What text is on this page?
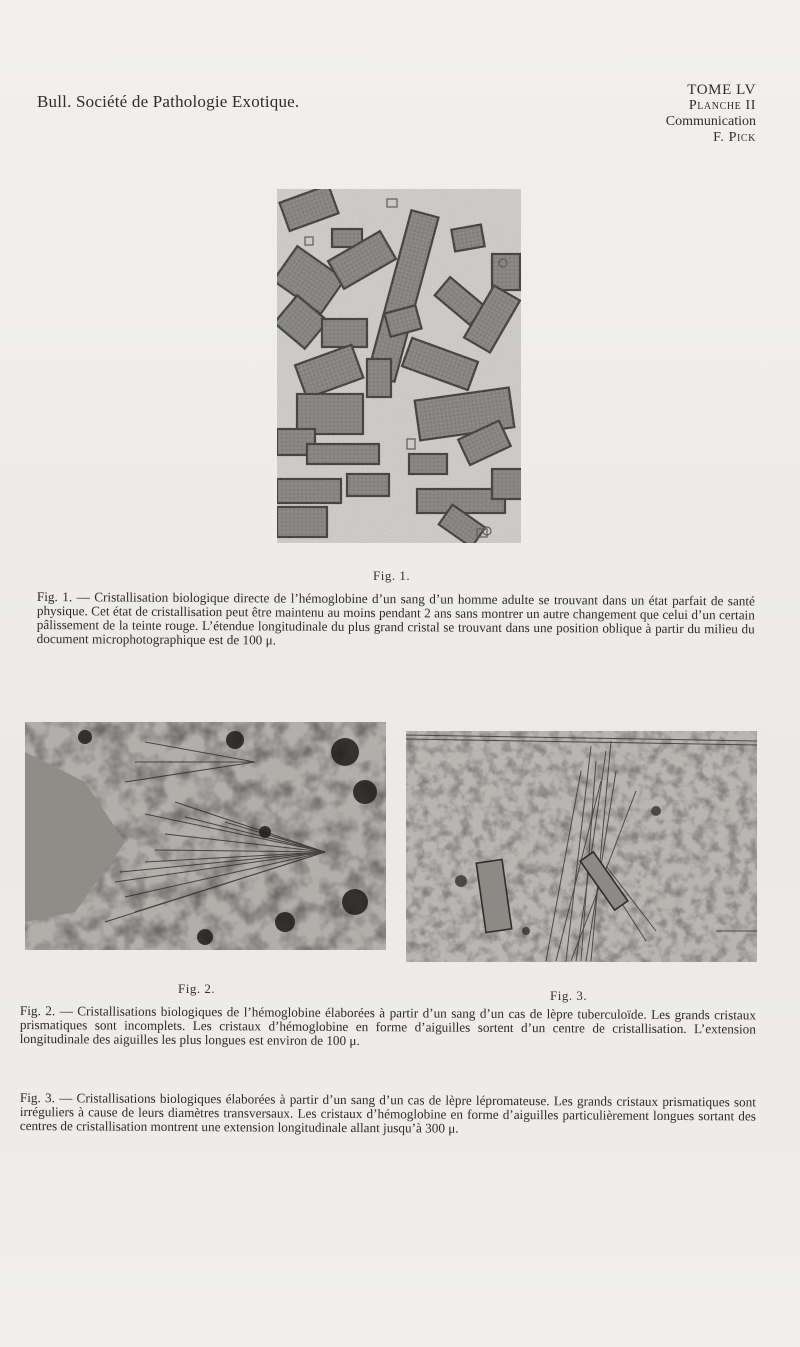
Bull. Société de Pathologie Exotique.
TOME LV
Planche II
Communication
F. Pick
Fig. 1.

Fig. 1. — Cristallisation biologique directe de l’hémoglobine d’un sang d’un homme adulte se trouvant dans un état parfait de santé physique. Cet état de cristallisation peut être maintenu au moins pendant 2 ans sans montrer un autre changement que celui d’un certain pâlissement de la teinte rouge. L’étendue longitudinale du plus grand cristal se trouvant dans une position oblique à partir du milieu du document microphotographique est de 100 μ.

Fig. 2.	Fig. 3.

Fig. 2. — Cristallisations biologiques de l’hémoglobine élaborées à partir d’un sang d’un cas de lèpre tuberculoïde. Les grands cristaux prismatiques sont incomplets. Les cristaux d’hémoglobine en forme d’aiguilles sortent d’un centre de cristallisation. L’extension longitudinale des aiguilles les plus longues est environ de 100 μ.

Fig. 3. — Cristallisations biologiques élaborées à partir d’un sang d’un cas de lèpre lépromateuse. Les grands cristaux prismatiques sont irréguliers à cause de leurs diamètres transversaux. Les cristaux d’hémoglobine en forme d’aiguilles particulièrement longues sortant des centres de cristallisation montrent une extension longitudinale allant jusqu’à 300 μ.
